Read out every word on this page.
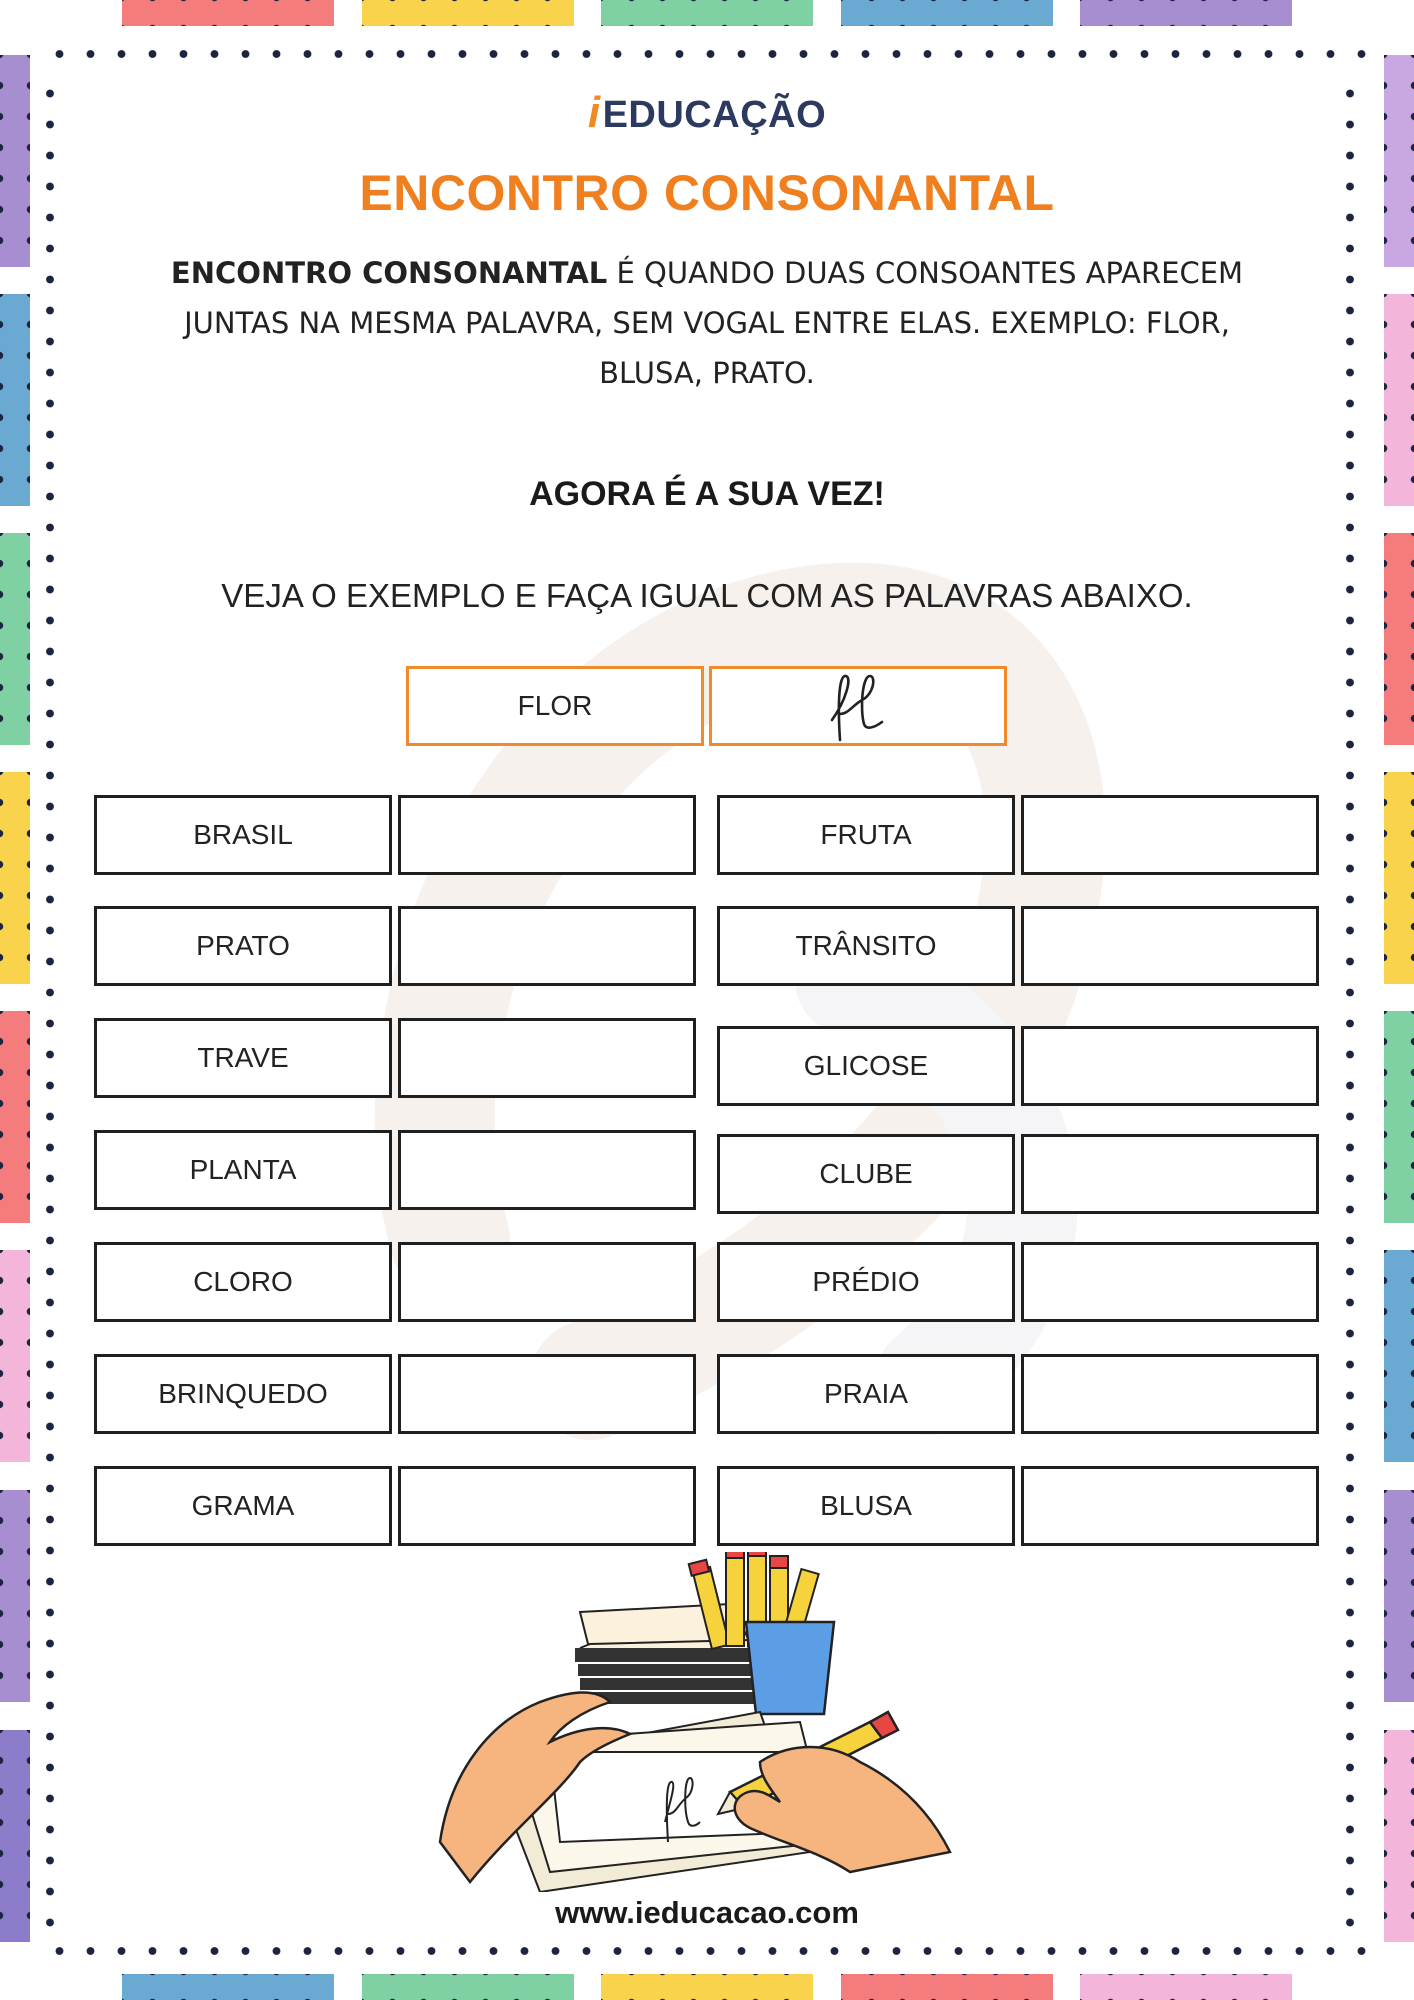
iEDUCAÇÃO
ENCONTRO CONSONANTAL
ENCONTRO CONSONANTAL É QUANDO DUAS CONSOANTES APARECEM JUNTAS NA MESMA PALAVRA, SEM VOGAL ENTRE ELAS. EXEMPLO: FLOR, BLUSA, PRATO.
AGORA É A SUA VEZ!
VEJA O EXEMPLO E FAÇA IGUAL COM AS PALAVRAS ABAIXO.
FLOR
BRASIL
PRATO
TRAVE
PLANTA
CLORO
BRINQUEDO
GRAMA
FRUTA
TRÂNSITO
GLICOSE
CLUBE
PRÉDIO
PRAIA
BLUSA
fl
www.ieducacao.com
